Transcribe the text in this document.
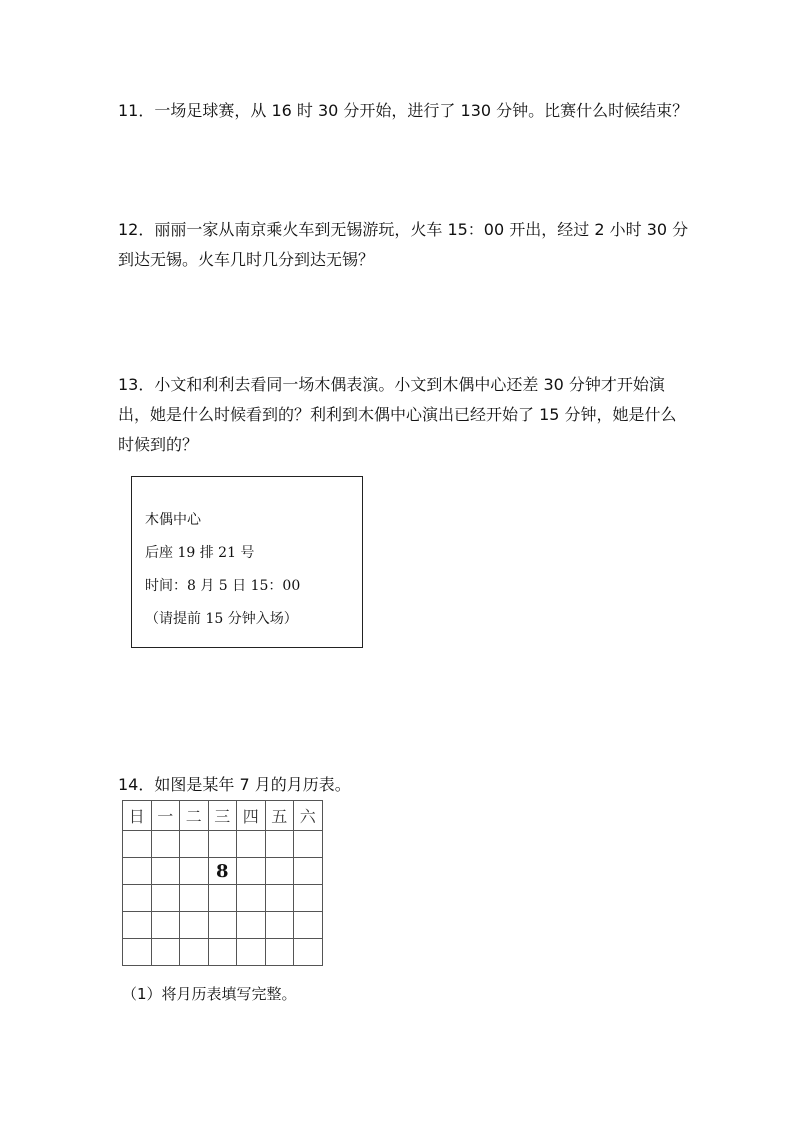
11．一场足球赛，从 16 时 30 分开始，进行了 130 分钟。比赛什么时候结束？
12．丽丽一家从南京乘火车到无锡游玩，火车 15：00 开出，经过 2 小时 30 分
到达无锡。火车几时几分到达无锡？
13．小文和利利去看同一场木偶表演。小文到木偶中心还差 30 分钟才开始演
出，她是什么时候看到的？利利到木偶中心演出已经开始了 15 分钟，她是什么
时候到的？
木偶中心
后座 19 排 21 号
时间：8 月 5 日 15：00
（请提前 15 分钟入场）
14．如图是某年 7 月的月历表。
日	一	二	三	四	五	六

			8			

（1）将月历表填写完整。
